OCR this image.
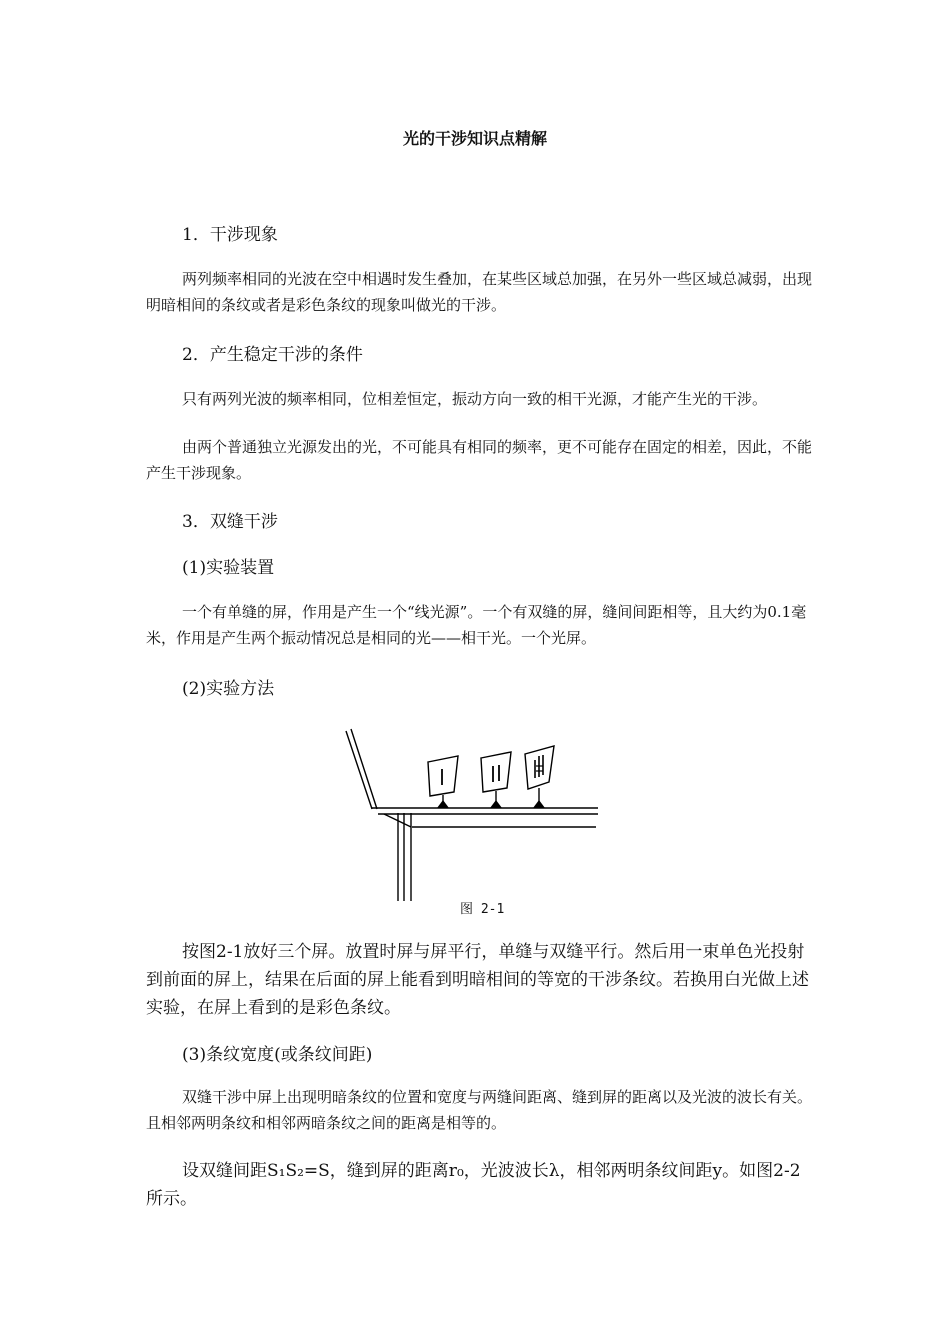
光的干涉知识点精解

1．干涉现象

两列频率相同的光波在空中相遇时发生叠加，在某些区域总加强，在另外一些区域总减弱，出现明暗相间的条纹或者是彩色条纹的现象叫做光的干涉。

2．产生稳定干涉的条件

只有两列光波的频率相同，位相差恒定，振动方向一致的相干光源，才能产生光的干涉。

由两个普通独立光源发出的光，不可能具有相同的频率，更不可能存在固定的相差，因此，不能产生干涉现象。

3．双缝干涉

(1)实验装置

一个有单缝的屏，作用是产生一个“线光源”。一个有双缝的屏，缝间间距相等，且大约为0.1毫米，作用是产生两个振动情况总是相同的光——相干光。一个光屏。

(2)实验方法

图 2-1

按图2-1放好三个屏。放置时屏与屏平行，单缝与双缝平行。然后用一束单色光投射到前面的屏上，结果在后面的屏上能看到明暗相间的等宽的干涉条纹。若换用白光做上述实验，在屏上看到的是彩色条纹。

(3)条纹宽度(或条纹间距)

双缝干涉中屏上出现明暗条纹的位置和宽度与两缝间距离、缝到屏的距离以及光波的波长有关。且相邻两明条纹和相邻两暗条纹之间的距离是相等的。

设双缝间距S₁S₂=S，缝到屏的距离r₀，光波波长λ，相邻两明条纹间距y。如图2-2所示。
